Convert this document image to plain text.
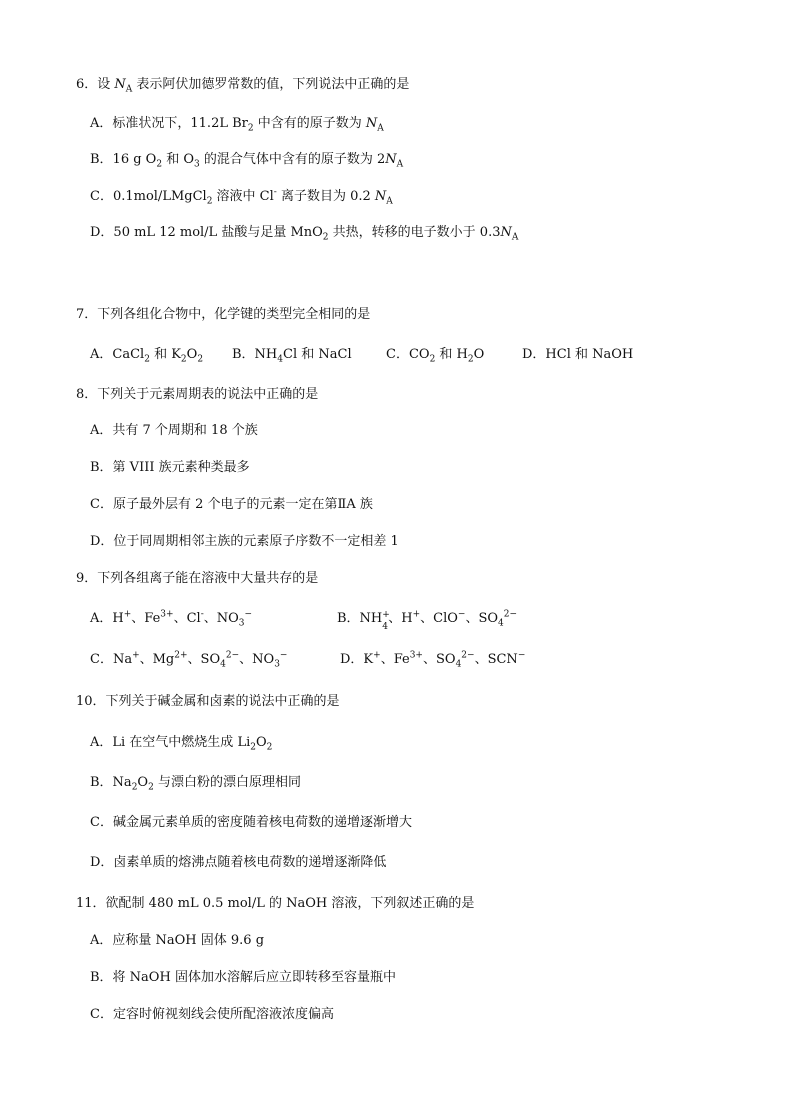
6．设 $N_A$ 表示阿伏加德罗常数的值，下列说法中正确的是
A．标准状况下，11.2L $Br_2$ 中含有的原子数为 $N_A$
B．16 g $O_2$ 和 $O_3$ 的混合气体中含有的原子数为 $2N_A$
C．0.1mol/LMgCl$_2$ 溶液中 Cl- 离子数目为 0.2 $N_A$
D．50 mL 12 mol/L 盐酸与足量 MnO$_2$ 共热，转移的电子数小于 $0.3N_A$
7．下列各组化合物中，化学键的类型完全相同的是
A．CaCl$_2$ 和 $K_2O_2$ B．$NH_4Cl$ 和 NaCl	C．$CO_2$ 和 $H_2O$	D．HCl 和 NaOH
8．下列关于元素周期表的说法中正确的是
A．共有 7 个周期和 18 个族
B．第 VIII 族元素种类最多
C．原子最外层有 2 个电子的元素一定在第ⅡA 族
D．位于同周期相邻主族的元素原子序数不一定相差 1
9．下列各组离子能在溶液中大量共存的是
A．H+、$Fe^{3+}$、Cl-、$NO_3^-$	B．NH +
4
、H+、ClO−、$SO_4^{2-}$
C．Na+、$Mg^{2+}$、$SO_4^{2-}$、$NO_3^-$	D．K+、$Fe^{3+}$、$SO_4^{2-}$、SCN−
10．下列关于碱金属和卤素的说法中正确的是
A．Li 在空气中燃烧生成 $Li_2O_2$
B．$Na_2O_2$ 与漂白粉的漂白原理相同
C．碱金属元素单质的密度随着核电荷数的递增逐渐增大
D．卤素单质的熔沸点随着核电荷数的递增逐渐降低
11．欲配制 480 mL 0.5 mol/L 的 NaOH 溶液，下列叙述正确的是
A．应称量 NaOH 固体 9.6 g
B．将 NaOH 固体加水溶解后应立即转移至容量瓶中
C．定容时俯视刻线会使所配溶液浓度偏高
